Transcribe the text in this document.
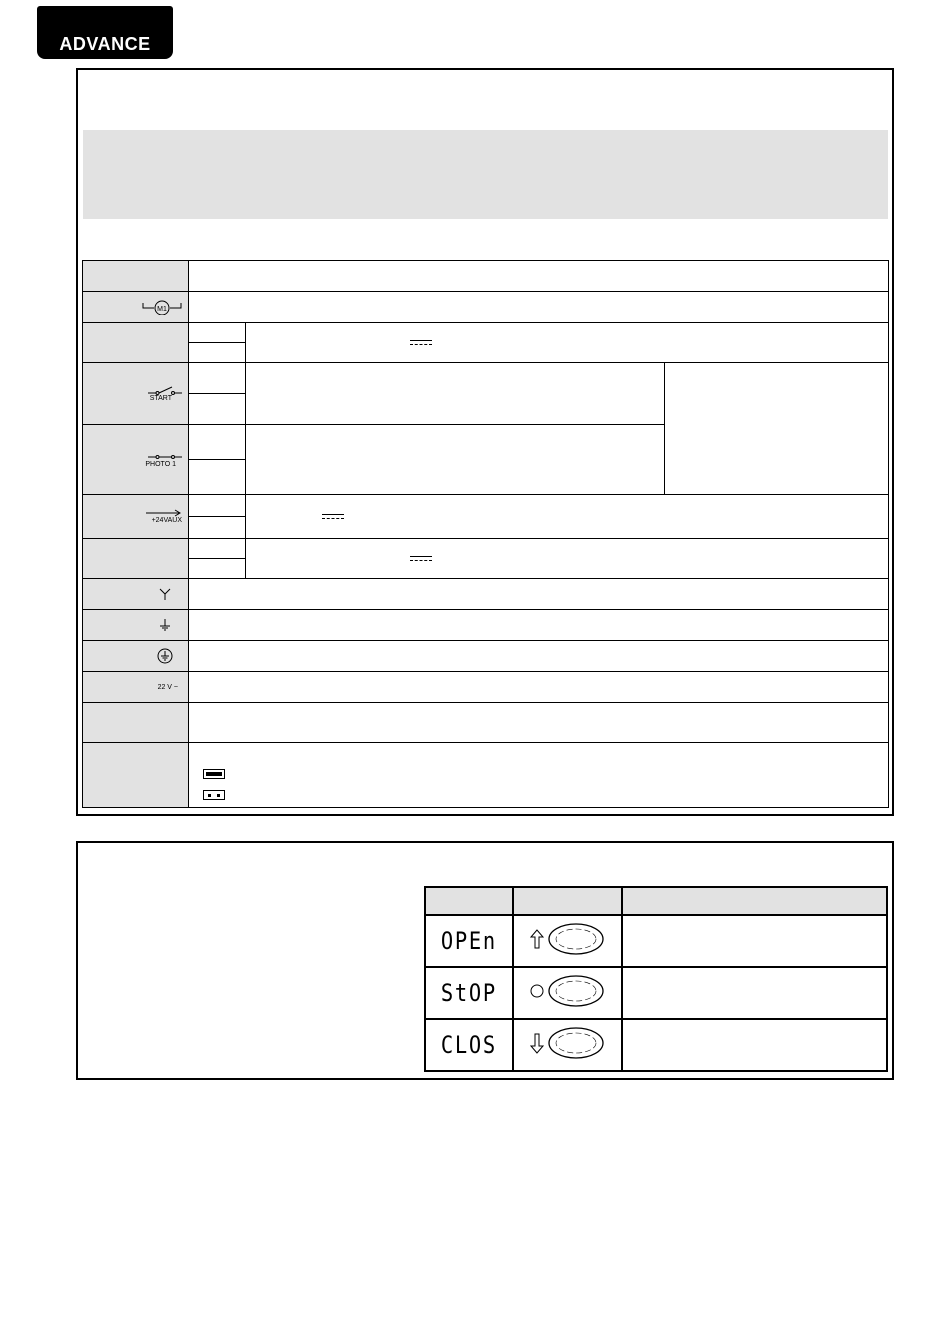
ADVANCE

M1			

START			

PHOTO 1			

+24VAUX			

22 V ~			

OPEn		
StOP		
CLOS		
